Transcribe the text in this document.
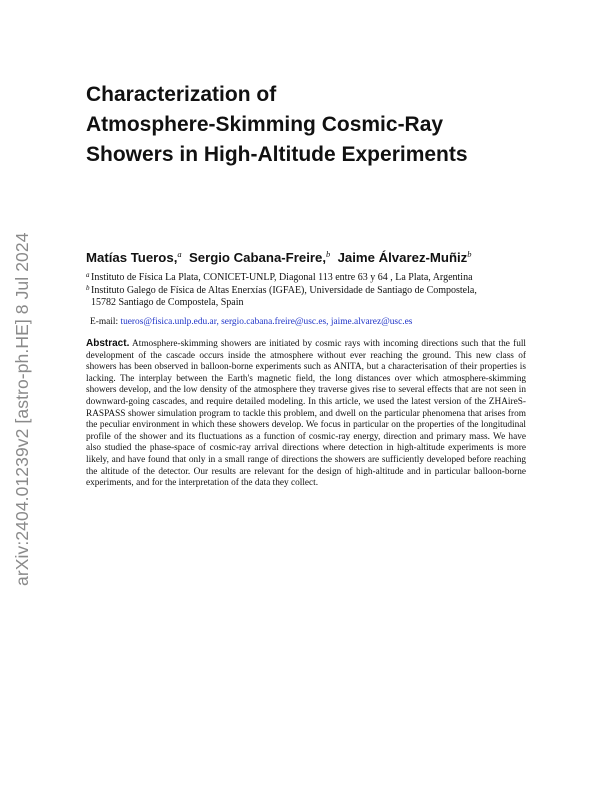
arXiv:2404.01239v2 [astro-ph.HE] 8 Jul 2024
Characterization of
Atmosphere-Skimming Cosmic-Ray
Showers in High-Altitude Experiments
Matías Tueros,$^a$ Sergio Cabana-Freire,$^b$ Jaime Álvarez-Muñiz$^b$
a Instituto de Física La Plata, CONICET-UNLP, Diagonal 113 entre 63 y 64 , La Plata, Argentina
b Instituto Galego de Física de Altas Enerxías (IGFAE), Universidade de Santiago de Compostela,
15782 Santiago de Compostela, Spain
E-mail: tueros@fisica.unlp.edu.ar, sergio.cabana.freire@usc.es, jaime.alvarez@usc.es

Abstract. Atmosphere-skimming showers are initiated by cosmic rays with incoming directions such that the full development of the cascade occurs inside the atmosphere without ever reaching the ground. This new class of showers has been observed in balloon-borne experiments such as ANITA, but a characterisation of their properties is lacking. The interplay between the Earth's magnetic field, the long distances over which atmosphere-skimming showers develop, and the low density of the atmosphere they traverse gives rise to several effects that are not seen in downward-going cascades, and require detailed modeling. In this article, we used the latest version of the ZHAireS-RASPASS shower simulation program to tackle this problem, and dwell on the particular phenomena that arises from the peculiar environment in which these showers develop. We focus in particular on the properties of the longitudinal profile of the shower and its fluctuations as a function of cosmic-ray energy, direction and primary mass. We have also studied the phase-space of cosmic-ray arrival directions where detection in high-altitude experiments is more likely, and have found that only in a small range of directions the showers are sufficiently developed before reaching the altitude of the detector. Our results are relevant for the design of high-altitude and in particular balloon-borne experiments, and for the interpretation of the data they collect.
